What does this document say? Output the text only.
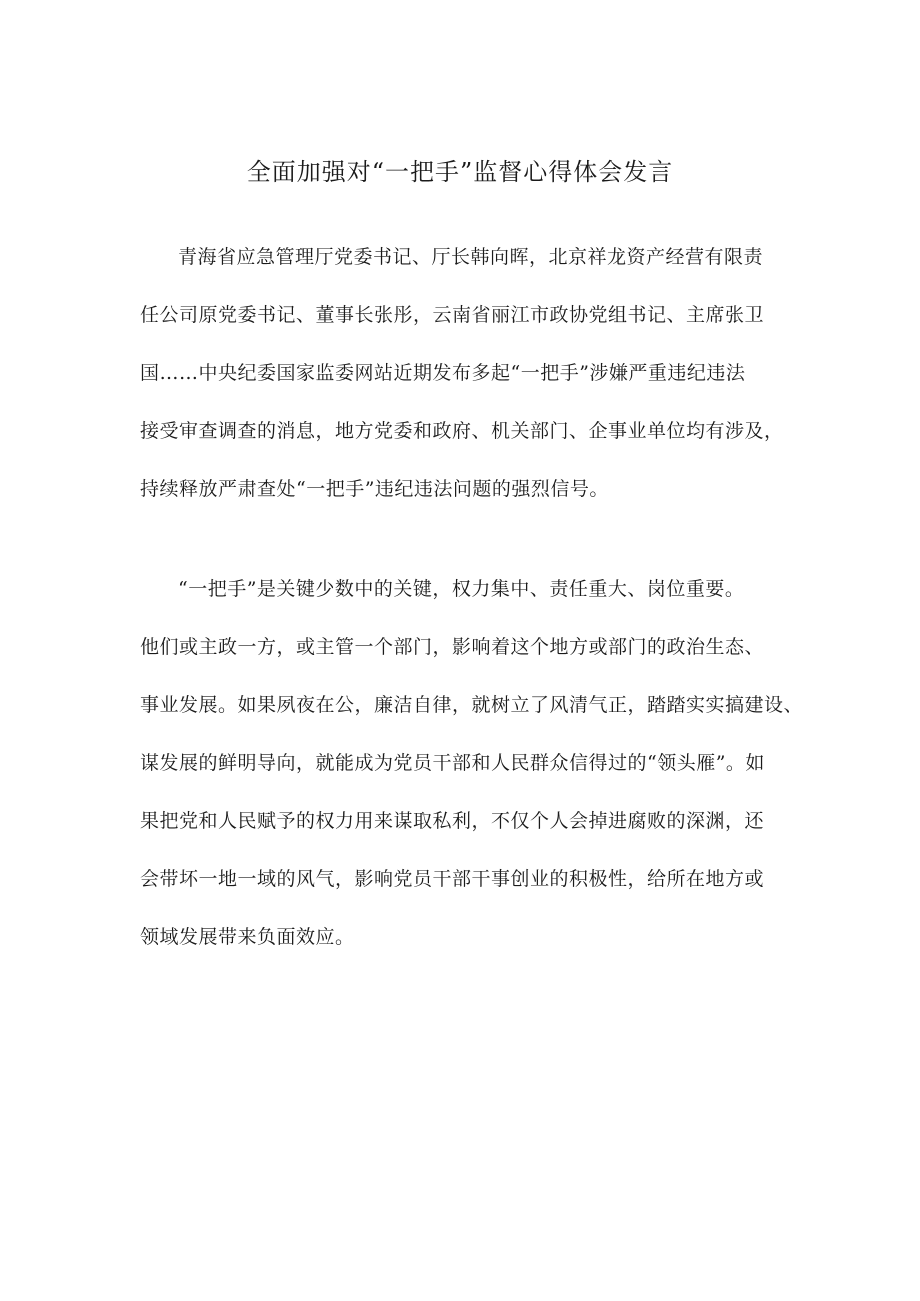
全面加强对“一把手”监督心得体会发言
青海省应急管理厅党委书记、厅长韩向晖，北京祥龙资产经营有限责
任公司原党委书记、董事长张彤，云南省丽江市政协党组书记、主席张卫
国……中央纪委国家监委网站近期发布多起“一把手”涉嫌严重违纪违法
接受审查调查的消息，地方党委和政府、机关部门、企事业单位均有涉及，
持续释放严肃查处“一把手”违纪违法问题的强烈信号。
“一把手”是关键少数中的关键，权力集中、责任重大、岗位重要。
他们或主政一方，或主管一个部门，影响着这个地方或部门的政治生态、
事业发展。如果夙夜在公，廉洁自律，就树立了风清气正，踏踏实实搞建设、
谋发展的鲜明导向，就能成为党员干部和人民群众信得过的“领头雁”。如
果把党和人民赋予的权力用来谋取私利，不仅个人会掉进腐败的深渊，还
会带坏一地一域的风气，影响党员干部干事创业的积极性，给所在地方或
领域发展带来负面效应。
